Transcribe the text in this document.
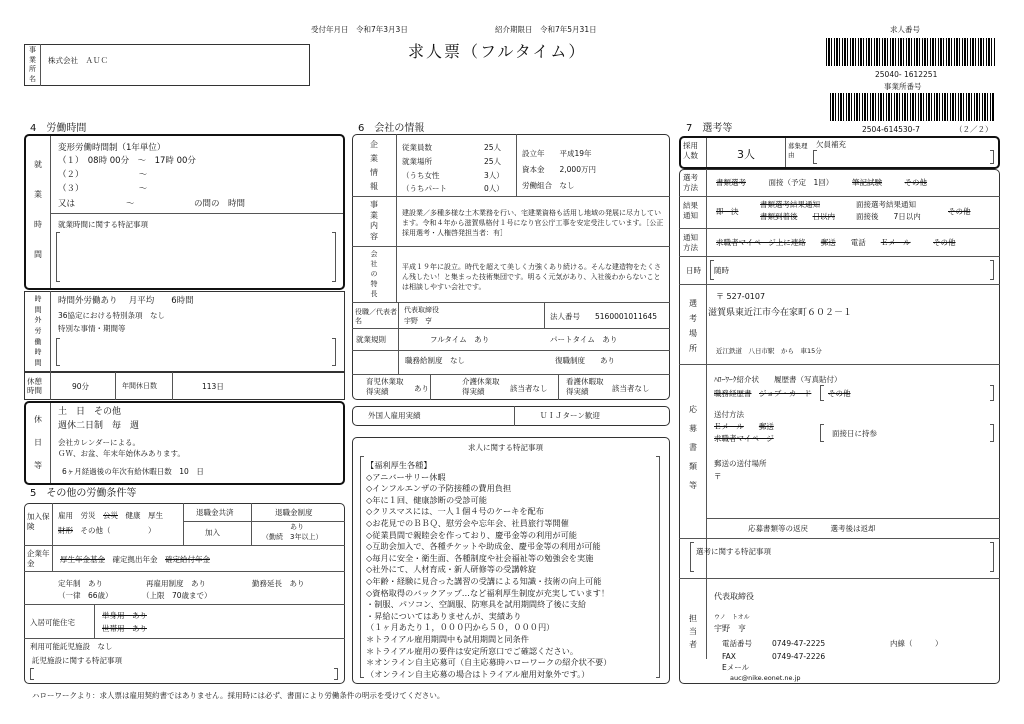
受付年月日　令和7年3月3日	紹介期限日　令和7年5月31日
求人票（フルタイム）
求人番号
25040- 1612251
事業所番号
2504-614530-7	（２／２）
事
業
所
名
株式会社　ＡＵＣ
4　労働時間
就
業
時
間
変形労働時間制（1年単位）
（１）　08時 00分　～　17時 00分
（２）　　　　　　　～
（３）　　　　　　　～
又は　　　　　　～　　　　　　　の間の　時間
就業時間に関する特記事項
時
間
外
労
働
時
間
時間外労働あり　 月平均　　6時間
36協定における特別条項　なし
特別な事情・期間等
休憩時間	90分	年間休日数	113日
休
日
等
土　日　その他
週休二日制　毎　週
会社カレンダーによる。
ＧＷ、お盆、年末年始休みあります。
6ヶ月経過後の年次有給休暇日数　10　日
5　その他の労働条件等
加入保険
雇用　労災　公災　健康　厚生
財形　その他（　　　　　）
退職金共済
加入
退職金制度
あり
（勤続　3年以上）
企業年金	厚生年金基金　 確定拠出年金　 確定給付年金
定年制　あり
（一律　66歳）
再雇用制度　あり
（上限　70歳まで）
勤務延長　あり
入居可能住宅
単身用　あり
世帯用　あり
利用可能託児施設　なし
託児施設に関する特記事項
6　会社の情報
企
業
情
報
従業員数	25人
就業場所	25人
（うち女性	3人）
（うちパート	0人）
設立年　　平成19年
資本金　　2,000万円
労働組合　なし
事
業
内
容
建設業／多種多様な土木業務を行い、宅建業資格も活用し地域の発展に尽力しています。令和４年から滋賀県格付１号になり官公庁工事を安定受注しています。［公正採用選考・人権啓発担当者：有］
会
社
の
特
長
平成１９年に設立。時代を超えて美しく力強くあり続ける。そんな建造物をたくさん残したい！と集まった技術集団です。明るく元気があり、入社後わからないことは相談しやすい会社です。
役職／代表者名
代表取締役
宇野　亨	法人番号 5160001011645
就業規則	フルタイム　あり	パートタイム　あり
職務給制度　なし	復職制度　　あり
育児休業取得実績	あり
介護休業取得実績	該当者なし
看護休暇取得実績	該当者なし
外国人雇用実績	ＵＩＪターン歓迎
求人に関する特記事項
【福利厚生各種】
◇アニバーサリー休暇
◇インフルエンザの予防接種の費用負担
◇年に１回、健康診断の受診可能
◇クリスマスには、一人１個４号のケーキを配布
◇お花見でのＢＢＱ、慰労会や忘年会、社員旅行等開催
◇従業員間で親睦会を作っており、慶弔金等の利用が可能
◇互助会加入で、各種チケットや助成金、慶弔金等の利用が可能
◇毎月に安全・衛生面、各種制度や社会福祉等の勉強会を実施
◇社外にて、人材育成・新人研修等の受講斡旋
◇年齢・経験に見合った講習の受講による知識・技術の向上可能
◇資格取得のバックアップ…など福利厚生制度が充実しています！
・制服、パソコン、空調服、防寒具を試用期間終了後に支給
・昇給についてはありませんが、実績あり
（１ヶ月あたり１，０００円から５０，０００円）
＊トライアル雇用期間中も試用期間と同条件
＊トライアル雇用の要件は安定所窓口でご確認ください。
＊オンライン自主応募可（自主応募時ハローワークの紹介状不要）
（オンライン自主応募の場合はトライアル雇用対象外です。）
7　選考等
採用人数	3人
募集理由
欠員補充
選考方法
書類選考　　　	面接（予定　1回）　　　	筆記試験　　　	その他
結果通知	即　決
書類選考結果通知	面接選考結果通知
書類到着後　　 日以内	面接後　　7日以内
その他
通知方法
求職者マイページ上に連絡　　 郵送　　 電話　　 Ｅメール　　　	その他
日時 随時
選
考
場
所
〒 527-0107
滋賀県東近江市今在家町６０２－１
近江鉄道　八日市駅　から　車15分
応
募
書
類
等
ﾊﾛｰﾜｰｸ紹介状　　履歴書（写真貼付）
職務経歴書　 ジョブ・カード その他
送付方法
Ｅメール　　 郵送
求職者マイページ
面接日に持参
郵送の送付場所
〒
応募書類等の返戻　　　選考後は返却
選考に関する特記事項
担
当
者
代表取締役
ウノ　トオル
宇野　亨
電話番号	0749-47-2225	内線（　　　）
FAX	0749-47-2226
Eメール
auc@nike.eonet.ne.jp
ハローワークより：求人票は雇用契約書ではありません。採用時には必ず、書面により労働条件の明示を受けてください。
